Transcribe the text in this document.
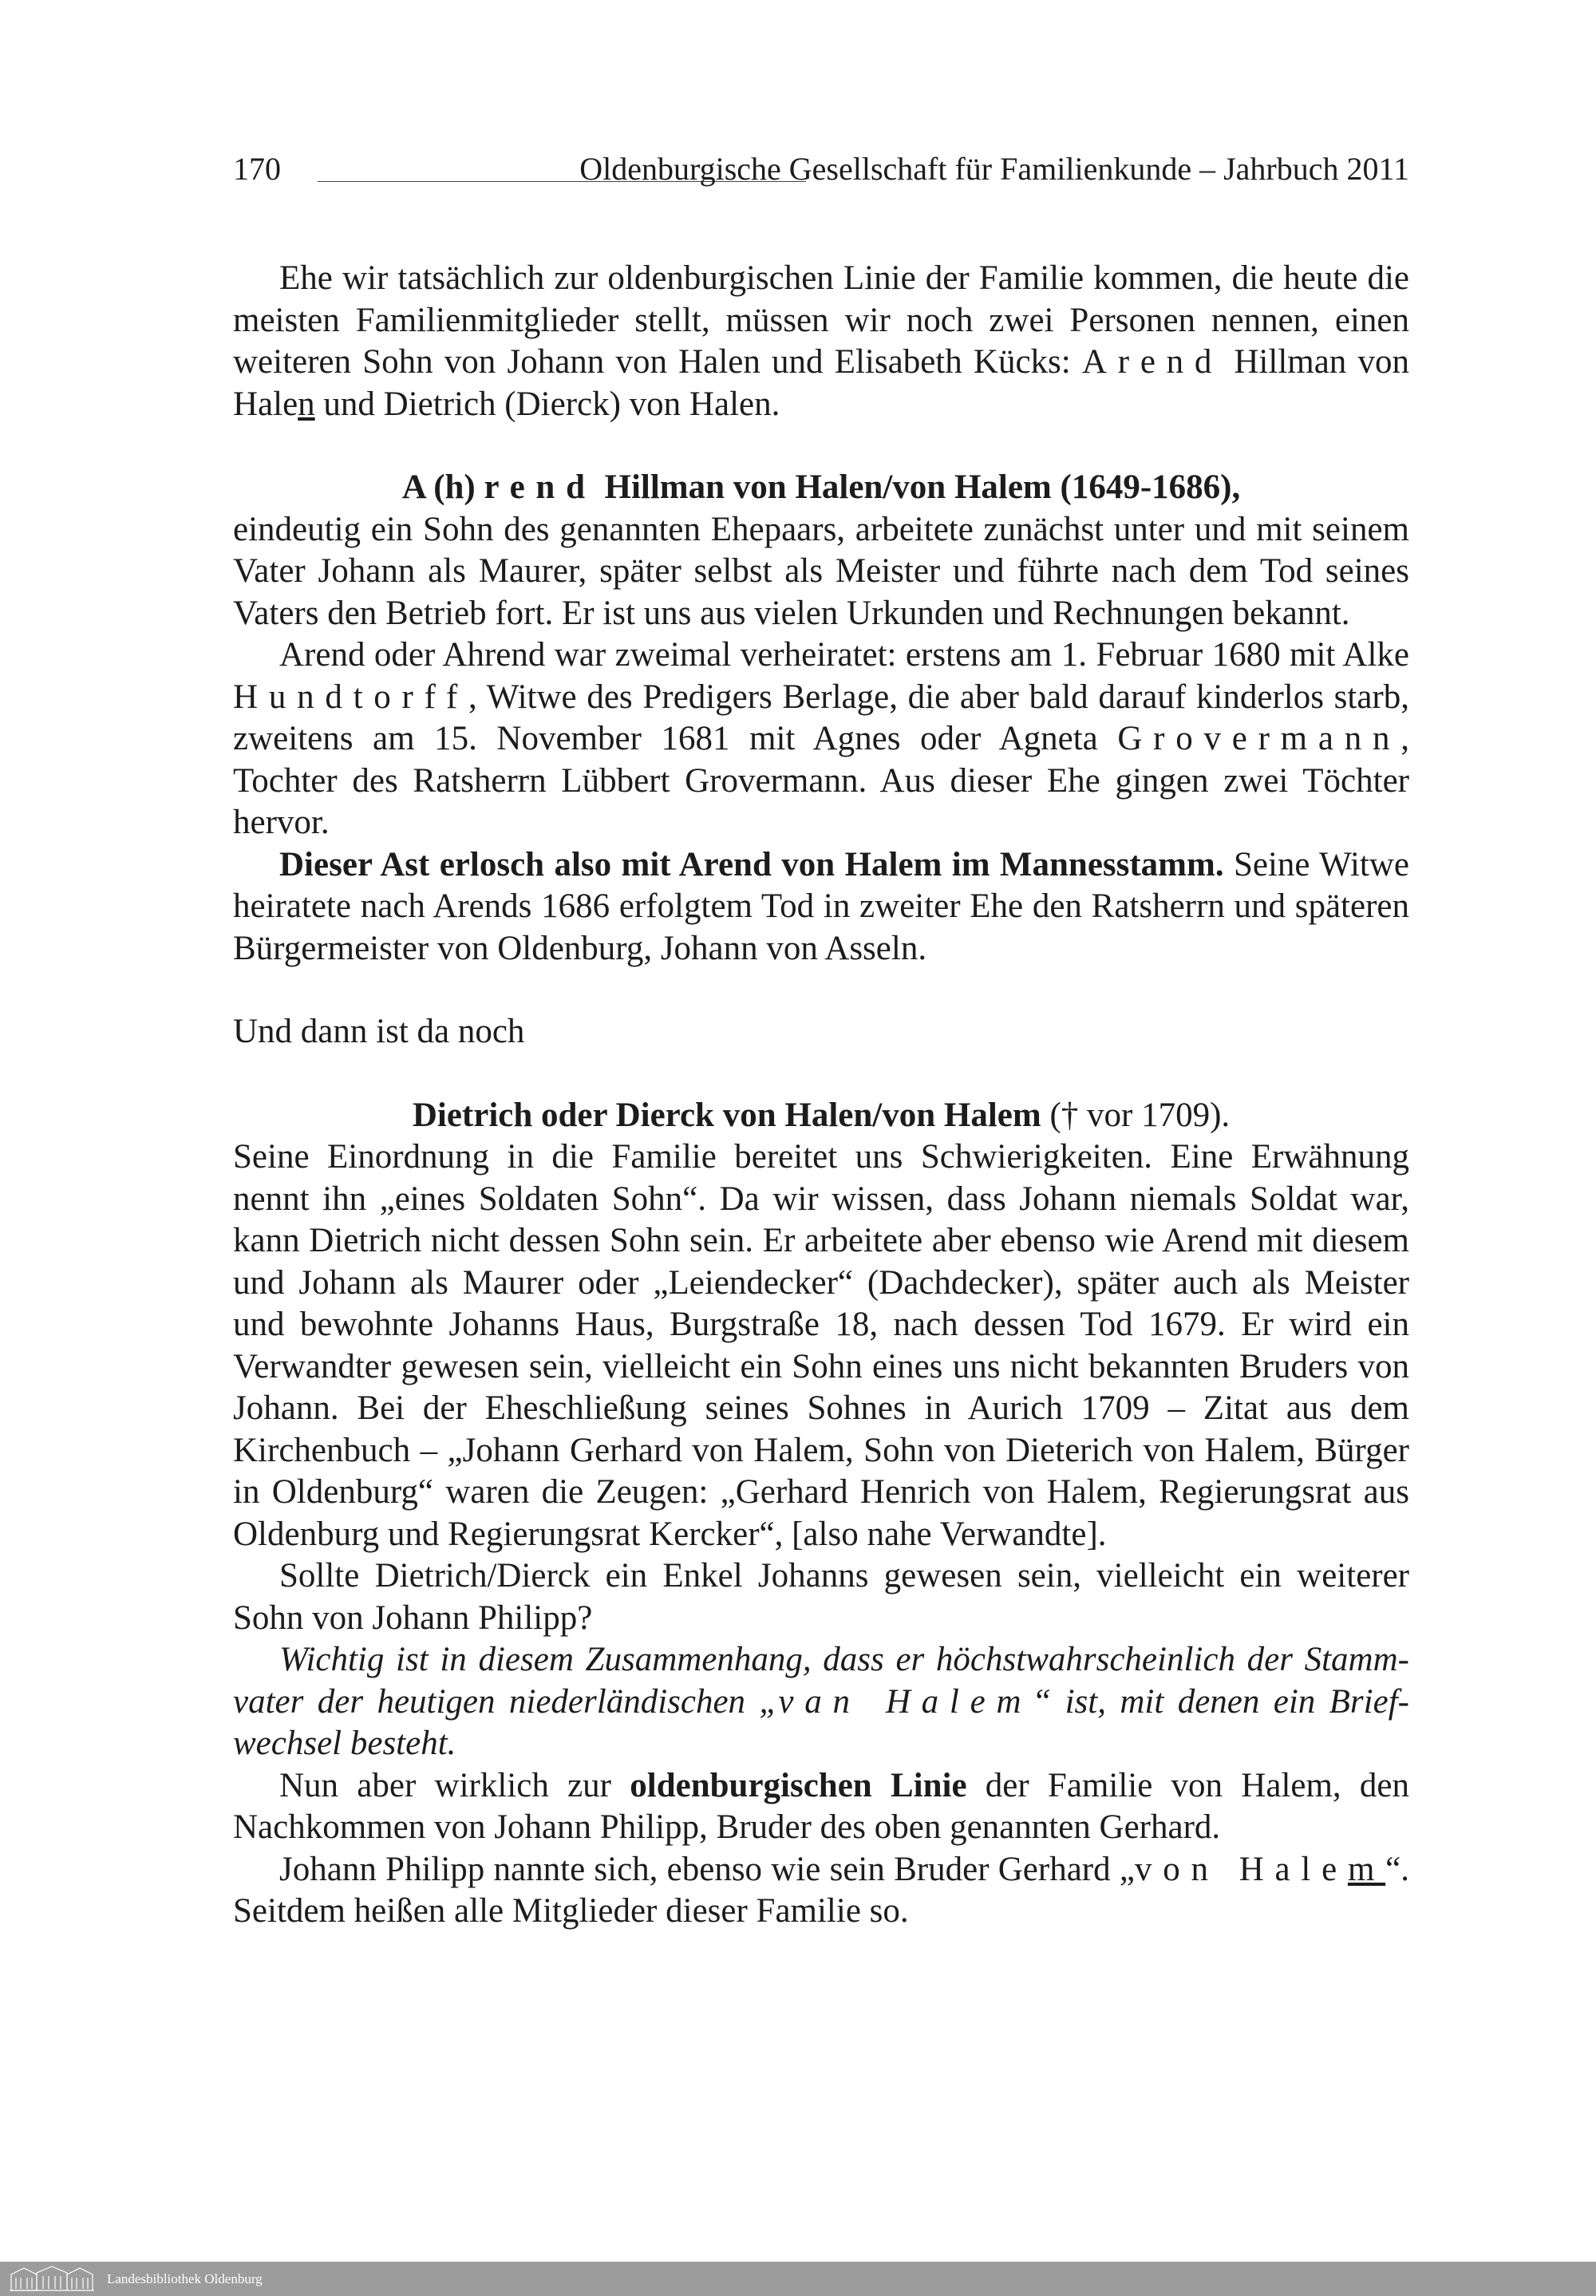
170	Oldenburgische Gesellschaft für Familienkunde – Jahrbuch 2011

Ehe wir tatsächlich zur oldenburgischen Linie der Familie kommen, die heute die meisten Familienmitglieder stellt, müssen wir noch zwei Personen nennen, einen weiteren Sohn von Johann von Halen und Elisabeth Kücks: Arend Hillman von Halen und Dietrich (Dierck) von Halen.

A (h) rend Hillman von Halen/von Halem (1649-1686),

eindeutig ein Sohn des genannten Ehepaars, arbeitete zunächst unter und mit seinem Vater Johann als Maurer, später selbst als Meister und führte nach dem Tod seines Vaters den Betrieb fort. Er ist uns aus vielen Urkunden und Rechnungen bekannt.

Arend oder Ahrend war zweimal verheiratet: erstens am 1. Februar 1680 mit Alke Hundtorff, Witwe des Predigers Berlage, die aber bald darauf kinderlos starb, zweitens am 15. November 1681 mit Agnes oder Agneta Grovermann, Tochter des Ratsherrn Lübbert Grovermann. Aus dieser Ehe gingen zwei Töchter hervor.

Dieser Ast erlosch also mit Arend von Halem im Mannesstamm. Seine Witwe heiratete nach Arends 1686 erfolgtem Tod in zweiter Ehe den Ratsherrn und späteren Bürgermeister von Oldenburg, Johann von Asseln.

Und dann ist da noch

Dietrich oder Dierck von Halen/von Halem († vor 1709).

Seine Einordnung in die Familie bereitet uns Schwierigkeiten. Eine Erwähnung nennt ihn „eines Soldaten Sohn“. Da wir wissen, dass Johann niemals Soldat war, kann Dietrich nicht dessen Sohn sein. Er arbeitete aber ebenso wie Arend mit diesem und Johann als Maurer oder „Leiendecker“ (Dachdecker), später auch als Meister und bewohnte Johanns Haus, Burgstraße 18, nach dessen Tod 1679. Er wird ein Verwandter gewesen sein, vielleicht ein Sohn eines uns nicht bekannten Bruders von Johann. Bei der Eheschließung seines Sohnes in Aurich 1709 – Zitat aus dem Kirchenbuch – „Johann Gerhard von Halem, Sohn von Dieterich von Halem, Bürger in Oldenburg“ waren die Zeugen: „Gerhard Henrich von Halem, Regierungsrat aus Oldenburg und Regierungsrat Kercker“, [also nahe Verwandte].

Sollte Dietrich/Dierck ein Enkel Johanns gewesen sein, vielleicht ein weiterer Sohn von Johann Philipp?

Wichtig ist in diesem Zusammenhang, dass er höchstwahrscheinlich der Stammvater der heutigen niederländischen „van Halem“ ist, mit denen ein Briefwechsel besteht.

Nun aber wirklich zur oldenburgischen Linie der Familie von Halem, den Nachkommen von Johann Philipp, Bruder des oben genannten Gerhard.

Johann Philipp nannte sich, ebenso wie sein Bruder Gerhard „von Halem“. Seitdem heißen alle Mitglieder dieser Familie so.

Landesbibliothek Oldenburg
